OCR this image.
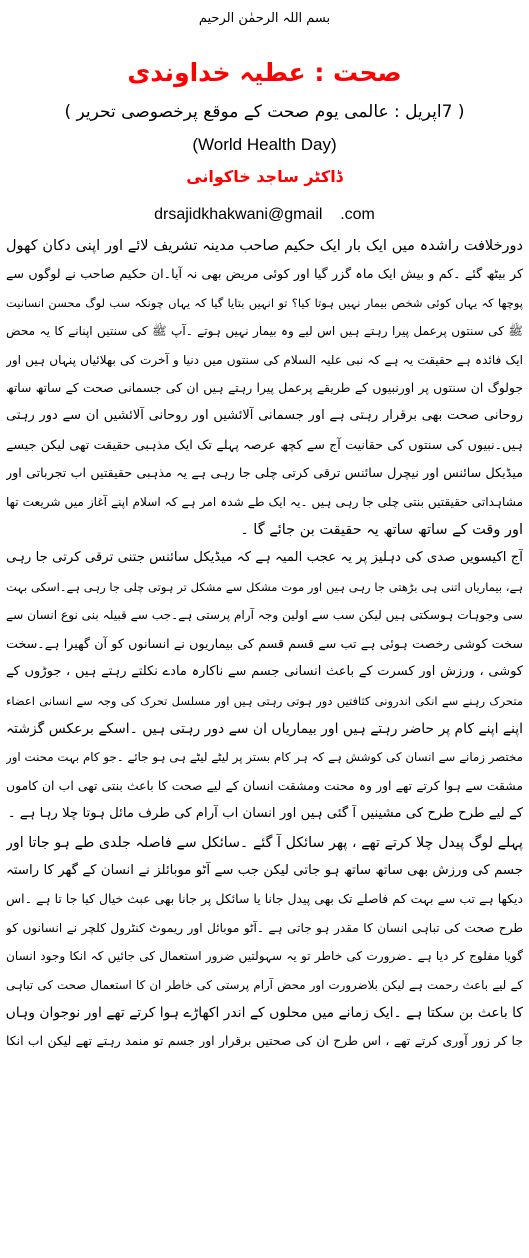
بسم اللہ الرحمٰن الرحیم
صحت : عطیہ خداوندی
( 7اپریل : عالمی یوم صحت کے موقع پرخصوصی تحریر )
(World Health Day)
ڈاکٹر ساجد خاکوانی
drsajidkhakwani@gmail    .com
دورخلافت راشدہ میں ایک بار ایک حکیم صاحب مدینہ تشریف لائے اور اپنی دکان کھول
کر بیٹھ گئے ۔کم و بیش ایک ماہ گزر گیا اور کوئی مریض بھی نہ آیا۔ان حکیم صاحب نے لوگوں سے
پوچھا کہ یہاں کوئی شخص بیمار نہیں ہوتا کیا؟ تو انہیں بتایا گیا کہ یہاں چونکہ سب لوگ محسن انسانیت
ﷺ کی سنتوں پرعمل پیرا رہتے ہیں اس لیے وہ بیمار نہیں ہوتے ۔آپ ﷺ کی سنتیں اپنانے کا یہ محض
ایک فائدہ ہے حقیقت یہ ہے کہ نبی علیہ السلام کی سنتوں میں دنیا و آخرت کی بھلائیاں پنہاں ہیں اور
جولوگ ان سنتوں پر اورنبیوں کے طریقے پرعمل پیرا رہتے ہیں ان کی جسمانی صحت کے ساتھ ساتھ
روحانی صحت بھی برقرار رہتی ہے اور جسمانی آلائشیں اور روحانی آلائشیں ان سے دور رہتی
ہیں۔نبیوں کی سنتوں کی حقانیت آج سے کچھ عرصہ پہلے تک ایک مذہبی حقیقت تھی لیکن جیسے
میڈیکل سائنس اور نیچرل سائنس ترقی کرتی چلی جا رہی ہے یہ مذہبی حقیقتیں اب تجرباتی اور
مشاہداتی حقیقتیں بنتی چلی جا رہی ہیں ۔یہ ایک طے شدہ امر ہے کہ اسلام اپنے آغاز میں شریعت تھا
اور وقت کے ساتھ ساتھ یہ حقیقت بن جائے گا ۔
آج اکیسویں صدی کی دہلیز پر یہ عجب المیہ ہے کہ میڈیکل سائنس جتنی ترقی کرتی جا رہی
ہے، بیماریاں اتنی ہی بڑھتی جا رہی ہیں اور موت مشکل سے مشکل تر ہوتی چلی جا رہی ہے۔اسکی بہت
سی وجوہات ہوسکتی ہیں لیکن سب سے اولین وجہ آرام پرستی ہے۔جب سے قبیلہ بنی نوع انسان سے
سخت کوشی رخصت ہوئی ہے تب سے قسم قسم کی بیماریوں نے انسانوں کو آن گھیرا ہے۔سخت
کوشی ، ورزش اور کسرت کے باعث انسانی جسم سے ناکارہ مادے نکلتے رہتے ہیں ، جوڑوں کے
متحرک رہنے سے انکی اندرونی کثافتیں دور ہوتی رہتی ہیں اور مسلسل تحرک کی وجہ سے انسانی اعضاء
اپنے اپنے کام پر حاضر رہتے ہیں اور بیماریاں ان سے دور رہتی ہیں ۔اسکے برعکس گزشتہ
مختصر زمانے سے انسان کی کوشش ہے کہ ہر کام بستر پر لیٹے لیٹے ہی ہو جائے ۔جو کام بہت محنت اور
مشقت سے ہوا کرتے تھے اور وہ محنت ومشقت انسان کے لیے صحت کا باعث بنتی تھی اب ان کاموں
کے لیے طرح طرح کی مشینیں آ گئی ہیں اور انسان اب آرام کی طرف مائل ہوتا چلا رہا ہے ۔
پہلے لوگ پیدل چلا کرتے تھے ، پھر سائکل آ گئے ۔سائکل سے فاصلہ جلدی طے ہو جاتا اور
جسم کی ورزش بھی ساتھ ساتھ ہو جاتی لیکن جب سے آٹو موبائلز نے انسان کے گھر کا راستہ
دیکھا ہے تب سے بہت کم فاصلے تک بھی پیدل جانا یا سائکل پر جانا بھی عبث خیال کیا جا تا ہے ۔اس
طرح صحت کی تباہی انسان کا مقدر ہو جاتی ہے ۔آٹو موبائل اور ریموٹ کنٹرول کلچر نے انسانوں کو
گویا مفلوج کر دیا ہے ۔ضرورت کی خاطر تو یہ سہولتیں ضرور استعمال کی جائیں کہ انکا وجود انسان
کے لیے باعث رحمت ہے لیکن بلاضرورت اور محض آرام پرستی کی خاطر ان کا استعمال صحت کی تباہی
کا باعث بن سکتا ہے ۔ایک زمانے میں محلوں کے اندر اکھاڑے ہوا کرتے تھے اور نوجوان وہاں
جا کر زور آوری کرتے تھے ، اس طرح ان کی صحتیں برقرار اور جسم تو منمد رہتے تھے لیکن اب انکا
